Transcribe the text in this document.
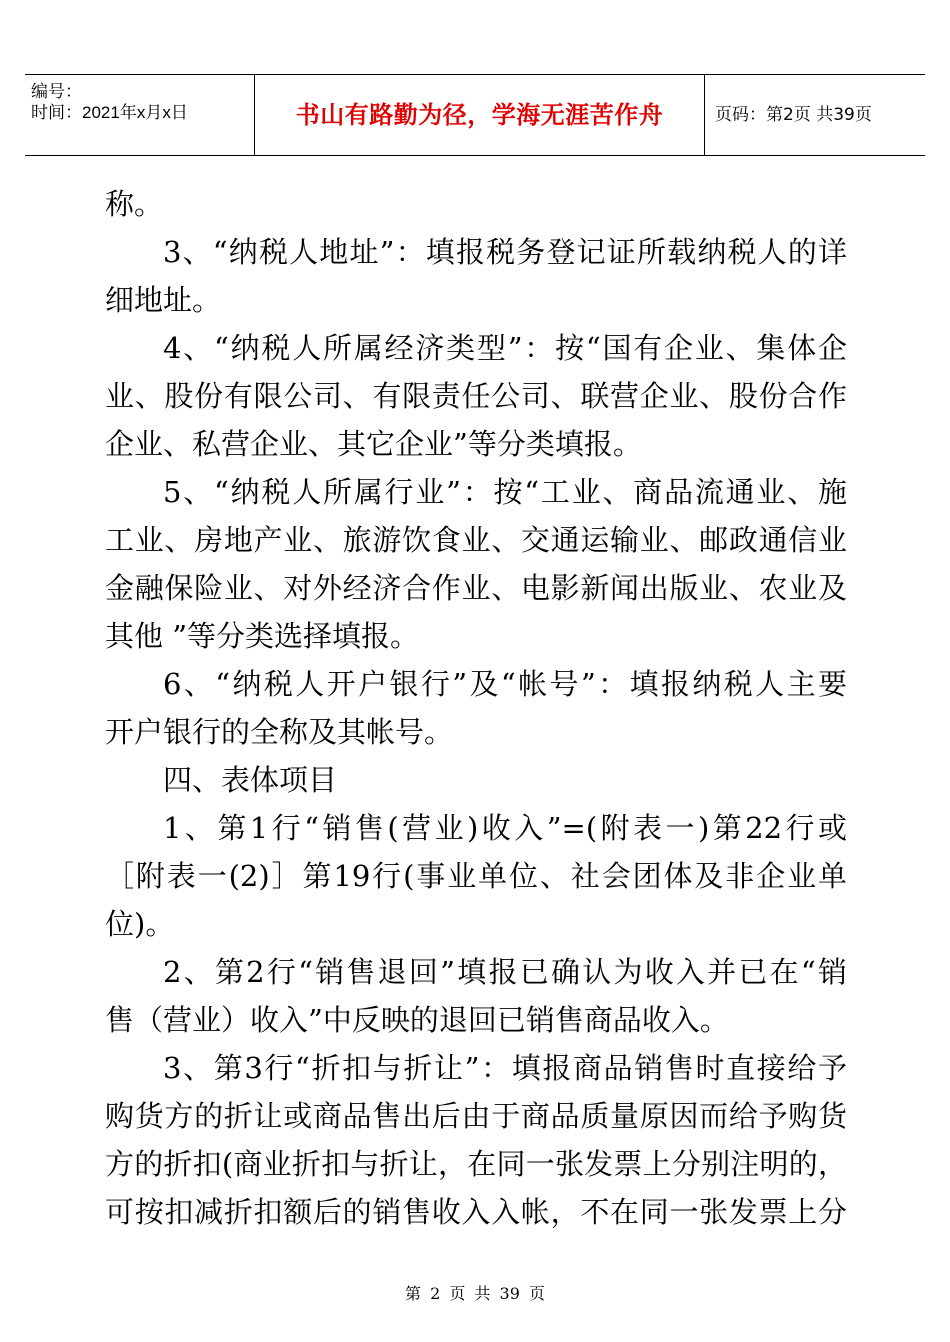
编号：
时间：2021年x月x日	书山有路勤为径，学海无涯苦作舟	页码：第2页 共39页
称。
3、“纳税人地址”：填报税务登记证所载纳税人的详
细地址。
4、“纳税人所属经济类型”：按“国有企业、集体企
业、股份有限公司、有限责任公司、联营企业、股份合作
企业、私营企业、其它企业”等分类填报。
5、“纳税人所属行业”：按“工业、商品流通业、施
工业、房地产业、旅游饮食业、交通运输业、邮政通信业
金融保险业、对外经济合作业、电影新闻出版业、农业及
其他 ”等分类选择填报。
6、“纳税人开户银行”及“帐号”：填报纳税人主要
开户银行的全称及其帐号。
四、表体项目
1、第1行“销售(营业)收入”=(附表一)第22行或
［附表一(2)］第19行(事业单位、社会团体及非企业单
位)。
2、第2行“销售退回”填报已确认为收入并已在“销
售（营业）收入”中反映的退回已销售商品收入。
3、第3行“折扣与折让”：填报商品销售时直接给予
购货方的折让或商品售出后由于商品质量原因而给予购货
方的折扣(商业折扣与折让，在同一张发票上分别注明的，
可按扣减折扣额后的销售收入入帐，不在同一张发票上分
第 2 页 共 39 页
